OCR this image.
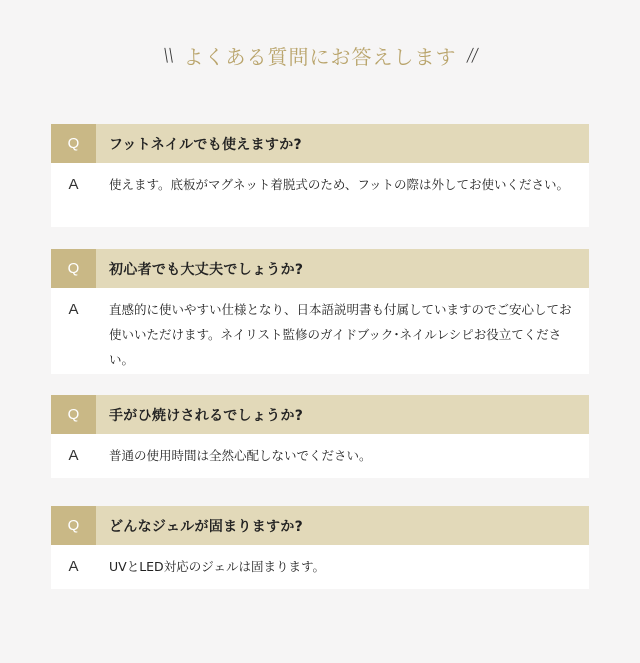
\\ よくある質問にお答えします //
Q	フットネイルでも使えますか?
A	使えます。底板がマグネット着脱式のため、フットの際は外してお使いください。
Q	初心者でも大丈夫でしょうか?
A	直感的に使いやすい仕様となり、日本語説明書も付属していますのでご安心してお使いいただけます。ネイリスト監修のガイドブック･ネイルレシピお役立てください。
Q	手がひ焼けされるでしょうか?
A	普通の使用時間は全然心配しないでください。
Q	どんなジェルが固まりますか?
A	UVとLED対応のジェルは固まります。
